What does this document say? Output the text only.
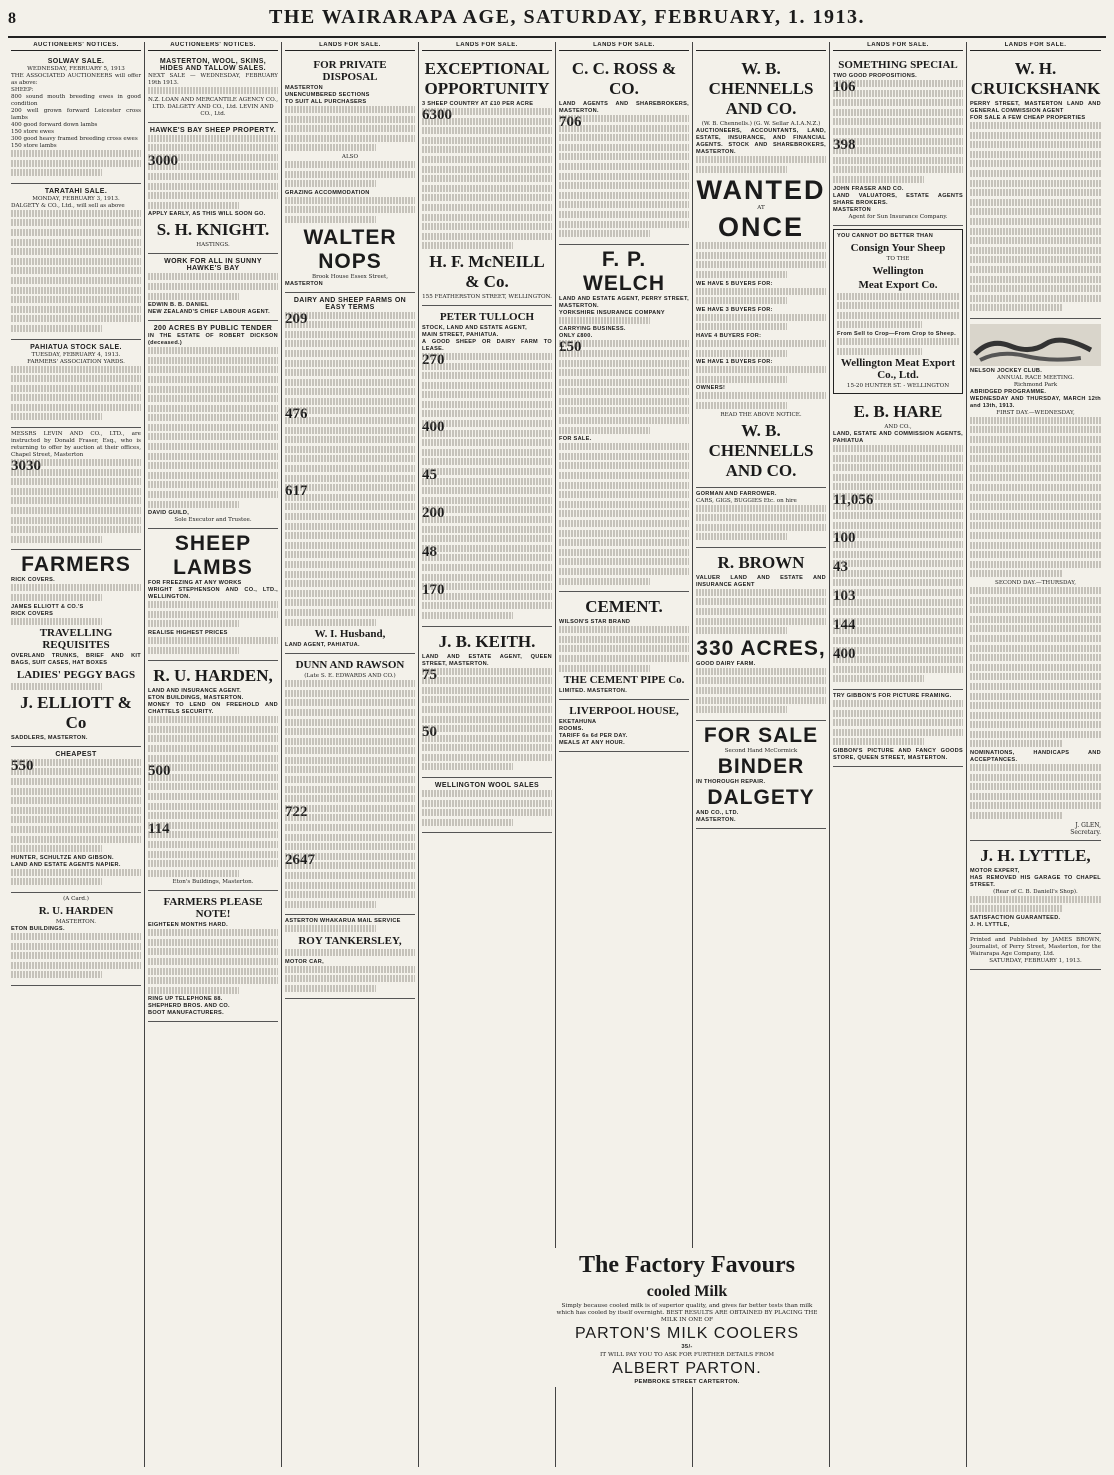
8	THE WAIRARAPA AGE, SATURDAY, FEBRUARY, 1. 1913.
AUCTIONEERS' NOTICES.
SOLWAY SALE.

WEDNESDAY, FEBRUARY 5, 1913

THE ASSOCIATED AUCTIONEERS will offer as above:

SHEEP:

800 sound mouth breeding ewes in good condition

200 well grown forward Leicester cross lambs

400 good forward down lambs

150 store ewes

300 good heavy framed breeding cross ewes

150 store lambs

TARATAHI SALE.

MONDAY, FEBRUARY 3, 1913.

DALGETY & CO., Ltd., will sell as above

PAHIATUA STOCK SALE.

TUESDAY, FEBRUARY 4, 1913.

FARMERS' ASSOCIATION YARDS.

MESSRS LEVIN AND CO., LTD., are instructed by Donald Fraser, Esq., who is returning to offer by auction at their offices, Chapel Street, Masterton

3030
FARMERS

RICK COVERS.

JAMES ELLIOTT & CO.'S

RICK COVERS

TRAVELLING REQUISITES

OVERLAND TRUNKS, BRIEF AND KIT BAGS, SUIT CASES, HAT BOXES

LADIES' PEGGY BAGS
J. ELLIOTT & Co

SADDLERS, MASTERTON.

CHEAPEST
550

HUNTER, SCHULTZE AND GIBSON.

LAND AND ESTATE AGENTS NAPIER.

(A Card.)

R. U. HARDEN

MASTERTON.

ETON BUILDINGS.

AUCTIONEERS' NOTICES.
MASTERTON, WOOL, SKINS, HIDES AND TALLOW SALES.

NEXT SALE — WEDNESDAY, FEBRUARY 19th 1913.

N.Z. LOAN AND MERCANTILE AGENCY CO., LTD. DALGETY AND CO., Ltd. LEVIN AND CO., Ltd.

HAWKE'S BAY SHEEP PROPERTY.
3000

APPLY EARLY, AS THIS WILL SOON GO.

S. H. KNIGHT.

HASTINGS.

WORK FOR ALL IN SUNNY HAWKE'S BAY

EDWIN B. B. DANIEL

NEW ZEALAND'S CHIEF LABOUR AGENT.

200 ACRES BY PUBLIC TENDER

IN THE ESTATE OF ROBERT DICKSON (deceased.)

DAVID GUILD,

Sole Executor and Trustee.

SHEEP LAMBS

FOR FREEZING AT ANY WORKS

WRIGHT STEPHENSON AND CO., LTD., WELLINGTON.

REALISE HIGHEST PRICES

R. U. HARDEN,

LAND AND INSURANCE AGENT.

ETON BUILDINGS, MASTERTON.

MONEY TO LEND ON FREEHOLD AND CHATTELS SECURITY.

500
114

Eton's Buildings, Masterton.

FARMERS PLEASE NOTE!

EIGHTEEN MONTHS HARD.

RING UP TELEPHONE 88.

SHEPHERD BROS. AND CO.

BOOT MANUFACTURERS.

LANDS FOR SALE.
FOR PRIVATE DISPOSAL

MASTERTON

UNENCUMBERED SECTIONS

TO SUIT ALL PURCHASERS

ALSO

GRAZING ACCOMMODATION

WALTER NOPS

Brook House Essex Street,

MASTERTON

DAIRY AND SHEEP FARMS ON EASY TERMS
209
476
617
W. I. Husband,

LAND AGENT, PAHIATUA.

DUNN AND RAWSON

(Late S. E. EDWARDS AND CO.)

722
2647

ASTERTON WHAKARUA MAIL SERVICE

ROY TANKERSLEY,

MOTOR CAR,

LANDS FOR SALE.
EXCEPTIONAL OPPORTUNITY

3 SHEEP COUNTRY AT £10 PER ACRE

6300
H. F. McNEILL & Co.

155 FEATHERSTON STREET, WELLINGTON.

PETER TULLOCH

STOCK, LAND AND ESTATE AGENT,

MAIN STREET, PAHIATUA.

A GOOD SHEEP OR DAIRY FARM TO LEASE.

270
400
45
200
48
170
J. B. KEITH.

LAND AND ESTATE AGENT, QUEEN STREET, MASTERTON.

75
50
WELLINGTON WOOL SALES
LANDS FOR SALE.
C. C. ROSS & CO.

LAND AGENTS AND SHAREBROKERS, MASTERTON.

706
F. P. WELCH

LAND AND ESTATE AGENT, PERRY STREET, MASTERTON.

YORKSHIRE INSURANCE COMPANY

CARRYING BUSINESS.

ONLY £800.

£50

FOR SALE.

CEMENT.

WILSON'S STAR BRAND

THE CEMENT PIPE Co.

LIMITED. MASTERTON.

LIVERPOOL HOUSE,

EKETAHUNA

ROOMS.

TARIFF 6s 6d PER DAY.

MEALS AT ANY HOUR.

W. B. CHENNELLS AND CO.

(W. B. Chennells.) (G. W. Sellar A.I.A.N.Z.)

AUCTIONEERS, ACCOUNTANTS, LAND, ESTATE, INSURANCE, AND FINANCIAL AGENTS. STOCK AND SHAREBROKERS, MASTERTON.

WANTED

AT

ONCE

WE HAVE 5 BUYERS FOR:

WE HAVE 3 BUYERS FOR:

HAVE 4 BUYERS FOR:

WE HAVE 1 BUYERS FOR:

OWNERS!

READ THE ABOVE NOTICE.

W. B. CHENNELLS AND CO.

GORMAN AND FARROWER.

CARS, GIGS, BUGGIES Etc. on hire

R. BROWN

VALUER LAND AND ESTATE AND INSURANCE AGENT

330 ACRES,

GOOD DAIRY FARM.

FOR SALE

Second Hand McCormick

BINDER

IN THOROUGH REPAIR.

DALGETY

AND CO., LTD.

MASTERTON.

LANDS FOR SALE.
SOMETHING SPECIAL

TWO GOOD PROPOSITIONS.

106
398

JOHN FRASER AND CO.

LAND VALUATORS, ESTATE AGENTS SHARE BROKERS.

MASTERTON

Agent for Sun Insurance Company.

YOU CANNOT DO BETTER THAN

Consign Your Sheep

TO THE

Wellington
Meat Export Co.

From Sell to Crop—From Crop to Sheep.

Wellington Meat Export Co., Ltd.

15-20 HUNTER ST. - WELLINGTON

E. B. HARE

AND CO.,

LAND, ESTATE AND COMMISSION AGENTS, PAHIATUA

11,056
100
43
103
144
400

TRY GIBBON'S FOR PICTURE FRAMING.

GIBBON'S PICTURE AND FANCY GOODS STORE, QUEEN STREET, MASTERTON.

LANDS FOR SALE.
W. H. CRUICKSHANK

PERRY STREET, MASTERTON LAND AND GENERAL COMMISSION AGENT

FOR SALE A FEW CHEAP PROPERTIES

NELSON JOCKEY CLUB.

ANNUAL RACE MEETING.

Richmond Park

ABRIDGED PROGRAMME.

WEDNESDAY AND THURSDAY, MARCH 12th and 13th, 1913.

FIRST DAY.—WEDNESDAY,

SECOND DAY.—THURSDAY,

NOMINATIONS, HANDICAPS AND ACCEPTANCES.

J. GLEN,

Secretary.

J. H. LYTTLE,

MOTOR EXPERT,

HAS REMOVED HIS GARAGE TO CHAPEL STREET.

(Rear of C. B. Daniell's Shop).

SATISFACTION GUARANTEED.

J. H. LYTTLE,

Printed and Published by JAMES BROWN, Journalist, of Perry Street, Masterton, for the Wairarapa Age Company, Ltd.

SATURDAY, FEBRUARY 1, 1913.

The Factory Favours
cooled Milk

Simply because cooled milk is of superior quality, and gives far better tests than milk which has cooled by itself overnight. BEST RESULTS ARE OBTAINED BY PLACING THE MILK IN ONE OF

PARTON'S MILK COOLERS

35/-

IT WILL PAY YOU TO ASK FOR FURTHER DETAILS FROM

ALBERT PARTON.

PEMBROKE STREET CARTERTON.
